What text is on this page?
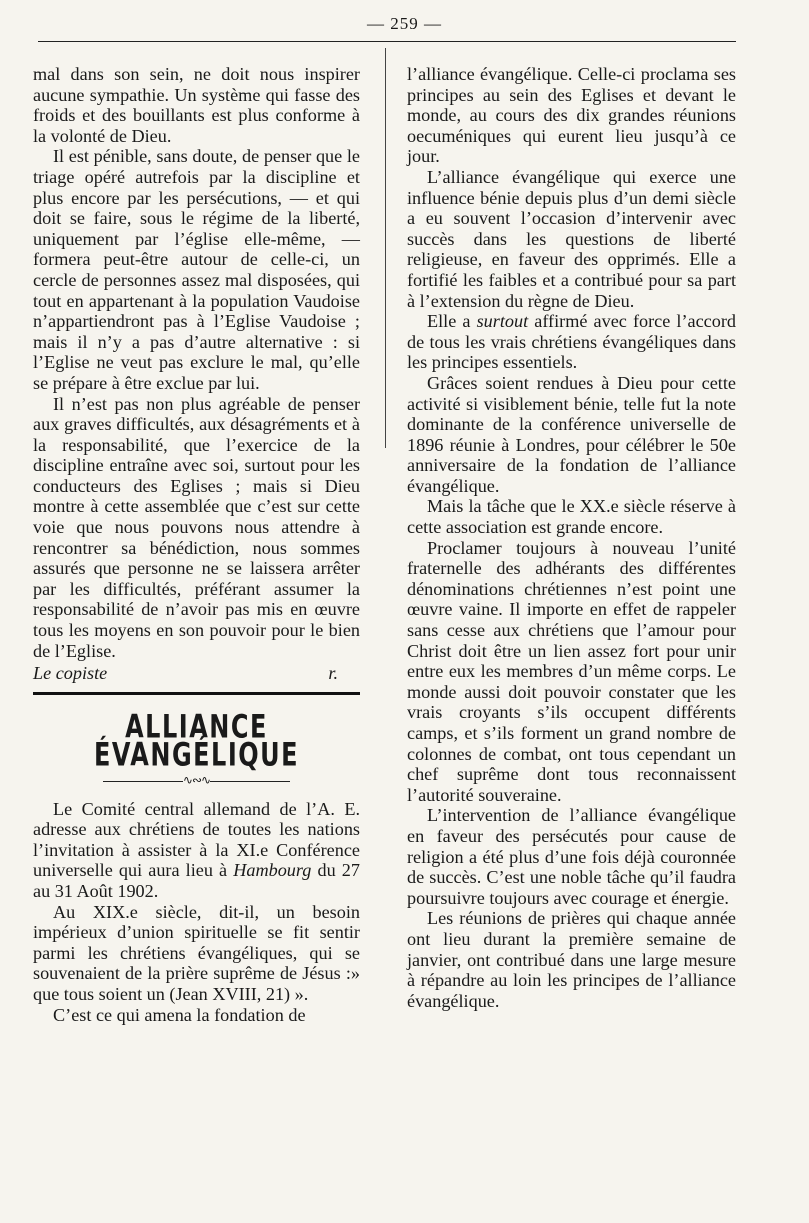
— 259 —

mal dans son sein, ne doit nous inspirer aucune sympathie. Un système qui fasse des froids et des bouillants est plus conforme à la volonté de Dieu.

Il est pénible, sans doute, de penser que le triage opéré autrefois par la discipline et plus encore par les persécutions, — et qui doit se faire, sous le régime de la liberté, uniquement par l’église elle-même, — formera peut-être autour de celle-ci, un cercle de personnes assez mal disposées, qui tout en appartenant à la population Vaudoise n’appartiendront pas à l’Eglise Vaudoise ; mais il n’y a pas d’autre alternative : si l’Eglise ne veut pas exclure le mal, qu’elle se prépare à être exclue par lui.

Il n’est pas non plus agréable de penser aux graves difficultés, aux désagréments et à la responsabilité, que l’exercice de la discipline entraîne avec soi, surtout pour les conducteurs des Eglises ; mais si Dieu montre à cette assemblée que c’est sur cette voie que nous pouvons nous attendre à rencontrer sa bénédiction, nous sommes assurés que personne ne se laissera arrêter par les difficultés, préférant assumer la responsabilité de n’avoir pas mis en œuvre tous les moyens en son pouvoir pour le bien de l’Eglise.

Le copiste	r.
ALLIANCE ÉVANGÉLIQUE
∿∾∿

Le Comité central allemand de l’A. E. adresse aux chrétiens de toutes les nations l’invitation à assister à la XI.e Conférence universelle qui aura lieu à Hambourg du 27 au 31 Août 1902.

Au XIX.e siècle, dit-il, un besoin impérieux d’union spirituelle se fit sentir parmi les chrétiens évangéliques, qui se souvenaient de la prière suprême de Jésus :» que tous soient un (Jean XVIII, 21) ».

C’est ce qui amena la fondation de

l’alliance évangélique. Celle-ci proclama ses principes au sein des Eglises et devant le monde, au cours des dix grandes réunions oecuméniques qui eurent lieu jusqu’à ce jour.

L’alliance évangélique qui exerce une influence bénie depuis plus d’un demi siècle a eu souvent l’occasion d’intervenir avec succès dans les questions de liberté religieuse, en faveur des opprimés. Elle a fortifié les faibles et a contribué pour sa part à l’extension du règne de Dieu.

Elle a surtout affirmé avec force l’accord de tous les vrais chrétiens évangéliques dans les principes essentiels.

Grâces soient rendues à Dieu pour cette activité si visiblement bénie, telle fut la note dominante de la conférence universelle de 1896 réunie à Londres, pour célébrer le 50e anniversaire de la fondation de l’alliance évangélique.

Mais la tâche que le XX.e siècle réserve à cette association est grande encore.

Proclamer toujours à nouveau l’unité fraternelle des adhérants des différentes dénominations chrétiennes n’est point une œuvre vaine. Il importe en effet de rappeler sans cesse aux chrétiens que l’amour pour Christ doit être un lien assez fort pour unir entre eux les membres d’un même corps. Le monde aussi doit pouvoir constater que les vrais croyants s’ils occupent différents camps, et s’ils forment un grand nombre de colonnes de combat, ont tous cependant un chef suprême dont tous reconnaissent l’autorité souveraine.

L’intervention de l’alliance évangélique en faveur des persécutés pour cause de religion a été plus d’une fois déjà couronnée de succès. C’est une noble tâche qu’il faudra poursuivre toujours avec courage et énergie.

Les réunions de prières qui chaque année ont lieu durant la première semaine de janvier, ont contribué dans une large mesure à répandre au loin les principes de l’alliance évangélique.
